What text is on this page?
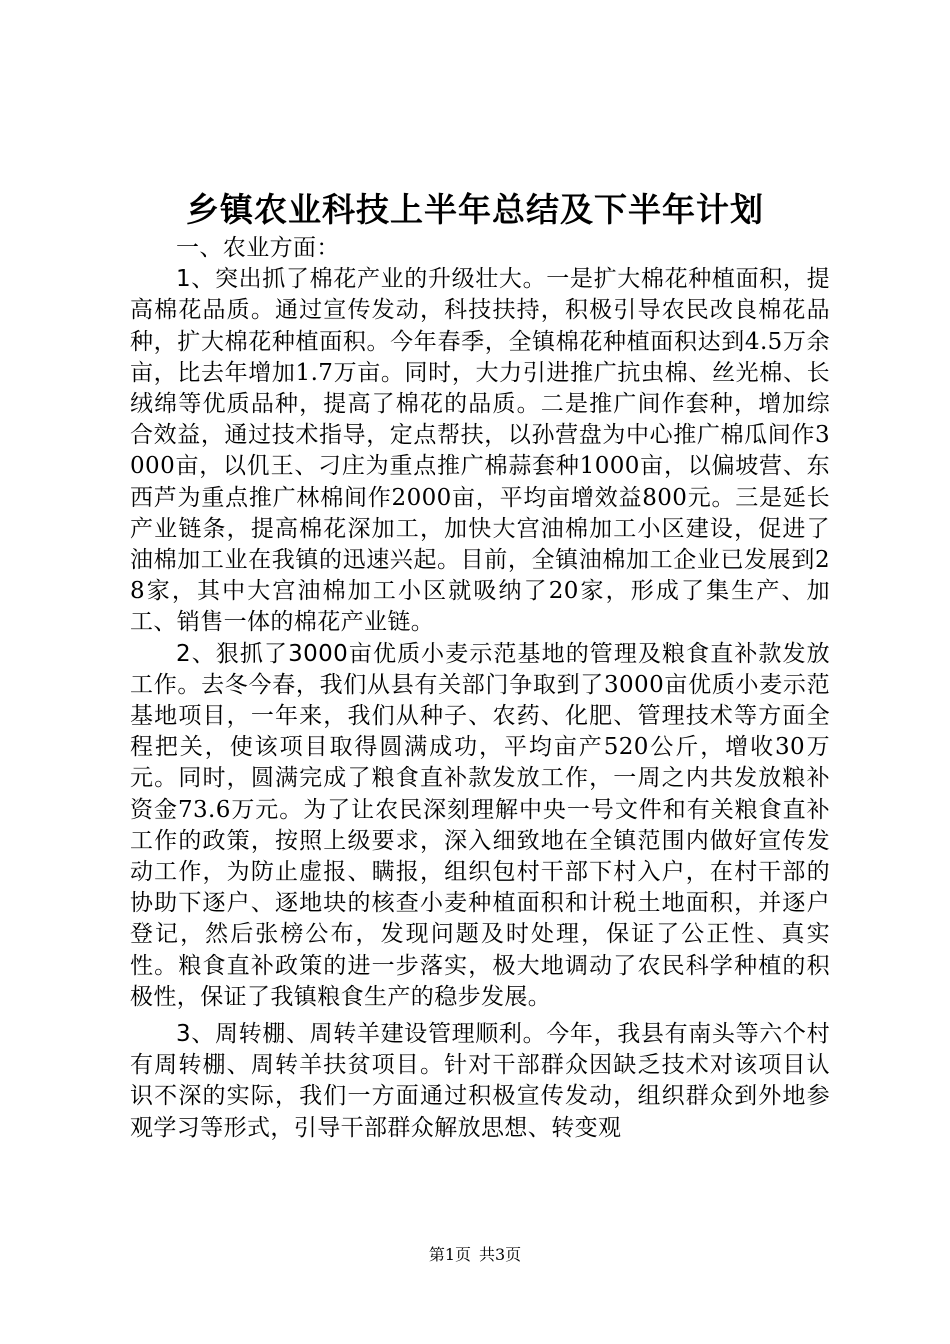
乡镇农业科技上半年总结及下半年计划

一、农业方面：

1、突出抓了棉花产业的升级壮大。一是扩大棉花种植面积，提高棉花品质。通过宣传发动，科技扶持，积极引导农民改良棉花品种，扩大棉花种植面积。今年春季，全镇棉花种植面积达到4.5万余亩，比去年增加1.7万亩。同时，大力引进推广抗虫棉、丝光棉、长绒绵等优质品种，提高了棉花的品质。二是推广间作套种，增加综合效益，通过技术指导，定点帮扶，以孙营盘为中心推广棉瓜间作3000亩，以仉王、刁庄为重点推广棉蒜套种1000亩，以偏坡营、东西芦为重点推广林棉间作2000亩，平均亩增效益800元。三是延长产业链条，提高棉花深加工，加快大宫油棉加工小区建设，促进了油棉加工业在我镇的迅速兴起。目前，全镇油棉加工企业已发展到28家，其中大宫油棉加工小区就吸纳了20家，形成了集生产、加工、销售一体的棉花产业链。

2、狠抓了3000亩优质小麦示范基地的管理及粮食直补款发放工作。去冬今春，我们从县有关部门争取到了3000亩优质小麦示范基地项目，一年来，我们从种子、农药、化肥、管理技术等方面全程把关，使该项目取得圆满成功，平均亩产520公斤，增收30万元。同时，圆满完成了粮食直补款发放工作，一周之内共发放粮补资金73.6万元。为了让农民深刻理解中央一号文件和有关粮食直补工作的政策，按照上级要求，深入细致地在全镇范围内做好宣传发动工作，为防止虚报、瞒报，组织包村干部下村入户，在村干部的协助下逐户、逐地块的核查小麦种植面积和计税土地面积，并逐户登记，然后张榜公布，发现问题及时处理，保证了公正性、真实性。粮食直补政策的进一步落实，极大地调动了农民科学种植的积极性，保证了我镇粮食生产的稳步发展。

3、周转棚、周转羊建设管理顺利。今年，我县有南头等六个村有周转棚、周转羊扶贫项目。针对干部群众因缺乏技术对该项目认识不深的实际，我们一方面通过积极宣传发动，组织群众到外地参观学习等形式，引导干部群众解放思想、转变观

第1页 共3页
